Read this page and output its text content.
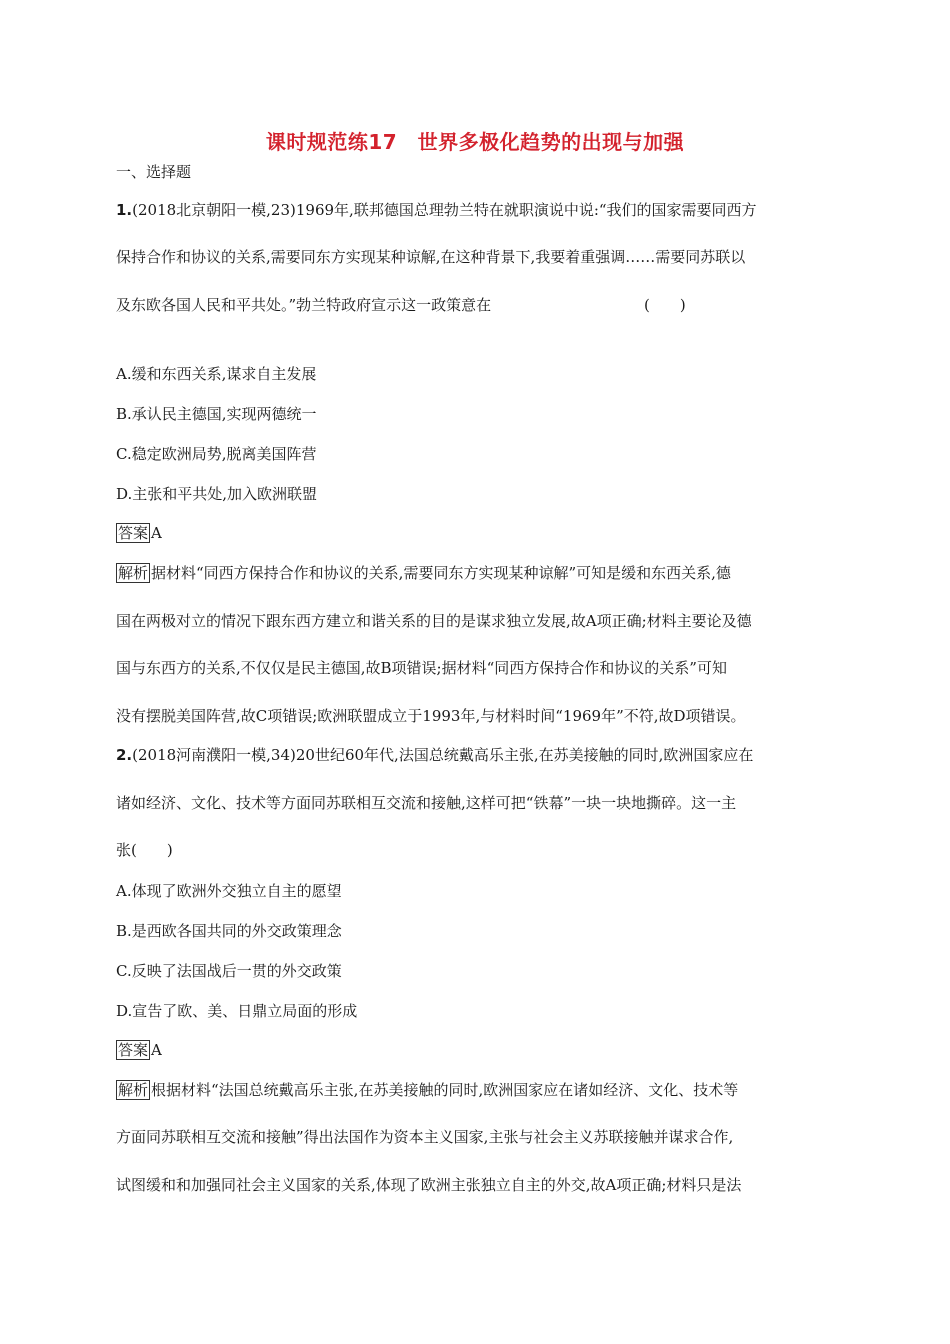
课时规范练17　世界多极化趋势的出现与加强
一、选择题
1.(2018北京朝阳一模,23)1969年,联邦德国总理勃兰特在就职演说中说:“我们的国家需要同西方
保持合作和协议的关系,需要同东方实现某种谅解,在这种背景下,我要着重强调……需要同苏联以
及东欧各国人民和平共处。”勃兰特政府宣示这一政策意在	(　　)
A.缓和东西关系,谋求自主发展
B.承认民主德国,实现两德统一
C.稳定欧洲局势,脱离美国阵营
D.主张和平共处,加入欧洲联盟
答案 A
解析 据材料“同西方保持合作和协议的关系,需要同东方实现某种谅解”可知是缓和东西关系,德
国在两极对立的情况下跟东西方建立和谐关系的目的是谋求独立发展,故A项正确;材料主要论及德
国与东西方的关系,不仅仅是民主德国,故B项错误;据材料“同西方保持合作和协议的关系”可知
没有摆脱美国阵营,故C项错误;欧洲联盟成立于1993年,与材料时间“1969年”不符,故D项错误。
2.(2018河南濮阳一模,34)20世纪60年代,法国总统戴高乐主张,在苏美接触的同时,欧洲国家应在
诸如经济、文化、技术等方面同苏联相互交流和接触,这样可把“铁幕”一块一块地撕碎。这一主
张(　　)
A.体现了欧洲外交独立自主的愿望
B.是西欧各国共同的外交政策理念
C.反映了法国战后一贯的外交政策
D.宣告了欧、美、日鼎立局面的形成
答案 A
解析 根据材料“法国总统戴高乐主张,在苏美接触的同时,欧洲国家应在诸如经济、文化、技术等
方面同苏联相互交流和接触”得出法国作为资本主义国家,主张与社会主义苏联接触并谋求合作,
试图缓和和加强同社会主义国家的关系,体现了欧洲主张独立自主的外交,故A项正确;材料只是法
